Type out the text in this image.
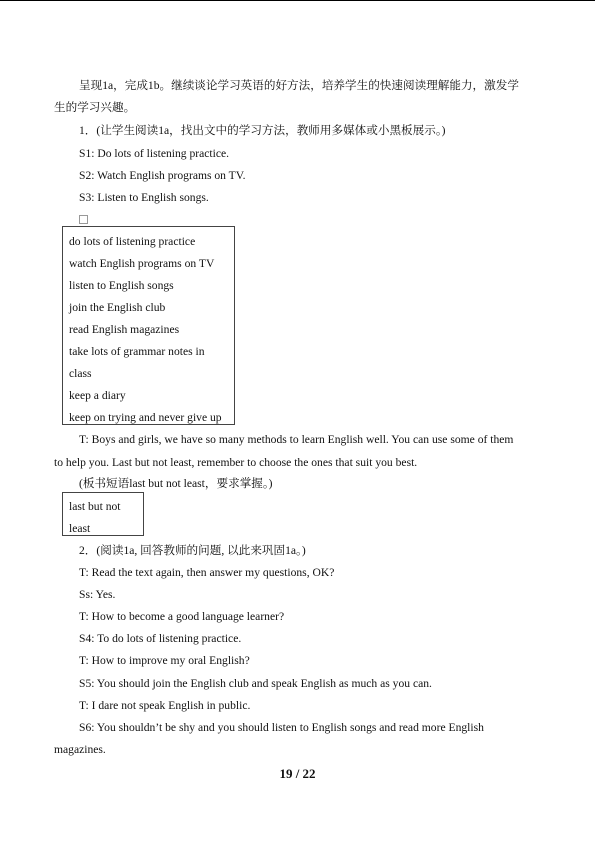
呈现1a，完成1b。继续谈论学习英语的好方法，培养学生的快速阅读理解能力，激发学
生的学习兴趣。
1．(让学生阅读1a，找出文中的学习方法，教师用多媒体或小黑板展示。)
S1: Do lots of listening practice.
S2: Watch English programs on TV.
S3: Listen to English songs.
do lots of listening practice
watch English programs on TV
listen to English songs
join the English club
read English magazines
take lots of grammar notes in
class
keep a diary
keep on trying and never give up
T: Boys and girls, we have so many methods to learn English well. You can use some of them
to help you. Last but not least, remember to choose the ones that suit you best.
(板书短语last but not least，要求掌握。)
last but not
least
2．(阅读1a, 回答教师的问题, 以此来巩固1a。)
T: Read the text again, then answer my questions, OK?
Ss: Yes.
T: How to become a good language learner?
S4: To do lots of listening practice.
T: How to improve my oral English?
S5: You should join the English club and speak English as much as you can.
T: I dare not speak English in public.
S6: You shouldn’t be shy and you should listen to English songs and read more English
magazines.
19 / 22
